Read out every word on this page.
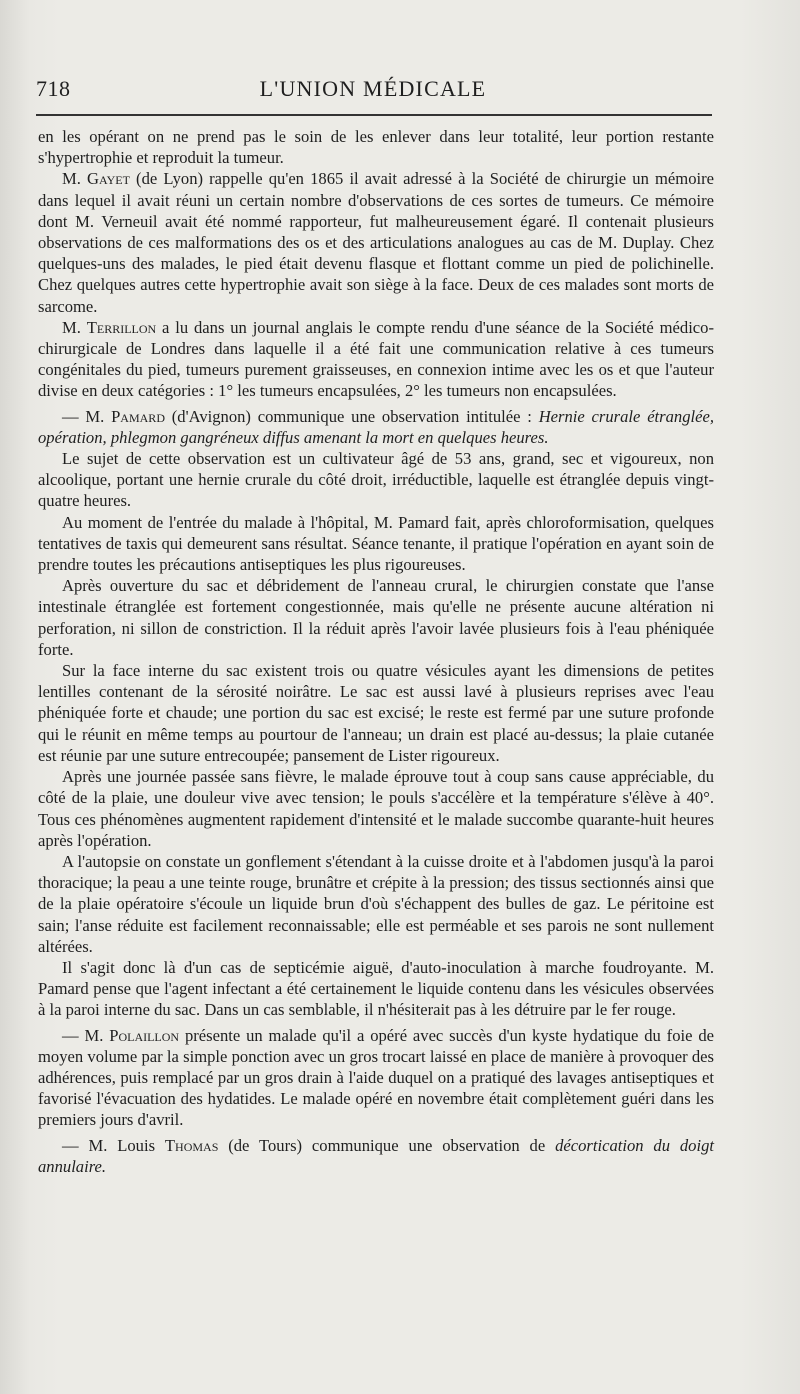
718	L'UNION MÉDICALE

en les opérant on ne prend pas le soin de les enlever dans leur totalité, leur portion restante s'hypertrophie et reproduit la tumeur.

M. Gayet (de Lyon) rappelle qu'en 1865 il avait adressé à la Société de chirurgie un mémoire dans lequel il avait réuni un certain nombre d'observations de ces sortes de tumeurs. Ce mémoire dont M. Verneuil avait été nommé rapporteur, fut malheureusement égaré. Il contenait plusieurs observations de ces malformations des os et des articulations analogues au cas de M. Duplay. Chez quelques-uns des malades, le pied était devenu flasque et flottant comme un pied de polichinelle. Chez quelques autres cette hypertrophie avait son siège à la face. Deux de ces malades sont morts de sarcome.

M. Terrillon a lu dans un journal anglais le compte rendu d'une séance de la Société médico-chirurgicale de Londres dans laquelle il a été fait une communication relative à ces tumeurs congénitales du pied, tumeurs purement graisseuses, en connexion intime avec les os et que l'auteur divise en deux catégories : 1° les tumeurs encapsulées, 2° les tumeurs non encapsulées.

— M. Pamard (d'Avignon) communique une observation intitulée : Hernie crurale étranglée, opération, phlegmon gangréneux diffus amenant la mort en quelques heures.

Le sujet de cette observation est un cultivateur âgé de 53 ans, grand, sec et vigoureux, non alcoolique, portant une hernie crurale du côté droit, irréductible, laquelle est étranglée depuis vingt-quatre heures.

Au moment de l'entrée du malade à l'hôpital, M. Pamard fait, après chloroformisation, quelques tentatives de taxis qui demeurent sans résultat. Séance tenante, il pratique l'opération en ayant soin de prendre toutes les précautions antiseptiques les plus rigoureuses.

Après ouverture du sac et débridement de l'anneau crural, le chirurgien constate que l'anse intestinale étranglée est fortement congestionnée, mais qu'elle ne présente aucune altération ni perforation, ni sillon de constriction. Il la réduit après l'avoir lavée plusieurs fois à l'eau phéniquée forte.

Sur la face interne du sac existent trois ou quatre vésicules ayant les dimensions de petites lentilles contenant de la sérosité noirâtre. Le sac est aussi lavé à plusieurs reprises avec l'eau phéniquée forte et chaude; une portion du sac est excisé; le reste est fermé par une suture profonde qui le réunit en même temps au pourtour de l'anneau; un drain est placé au-dessus; la plaie cutanée est réunie par une suture entrecoupée; pansement de Lister rigoureux.

Après une journée passée sans fièvre, le malade éprouve tout à coup sans cause appréciable, du côté de la plaie, une douleur vive avec tension; le pouls s'accélère et la température s'élève à 40°. Tous ces phénomènes augmentent rapidement d'intensité et le malade succombe quarante-huit heures après l'opération.

A l'autopsie on constate un gonflement s'étendant à la cuisse droite et à l'abdomen jusqu'à la paroi thoracique; la peau a une teinte rouge, brunâtre et crépite à la pression; des tissus sectionnés ainsi que de la plaie opératoire s'écoule un liquide brun d'où s'échappent des bulles de gaz. Le péritoine est sain; l'anse réduite est facilement reconnaissable; elle est perméable et ses parois ne sont nullement altérées.

Il s'agit donc là d'un cas de septicémie aiguë, d'auto-inoculation à marche foudroyante. M. Pamard pense que l'agent infectant a été certainement le liquide contenu dans les vésicules observées à la paroi interne du sac. Dans un cas semblable, il n'hésiterait pas à les détruire par le fer rouge.

— M. Polaillon présente un malade qu'il a opéré avec succès d'un kyste hydatique du foie de moyen volume par la simple ponction avec un gros trocart laissé en place de manière à provoquer des adhérences, puis remplacé par un gros drain à l'aide duquel on a pratiqué des lavages antiseptiques et favorisé l'évacuation des hydatides. Le malade opéré en novembre était complètement guéri dans les premiers jours d'avril.

— M. Louis Thomas (de Tours) communique une observation de décortication du doigt annulaire.
